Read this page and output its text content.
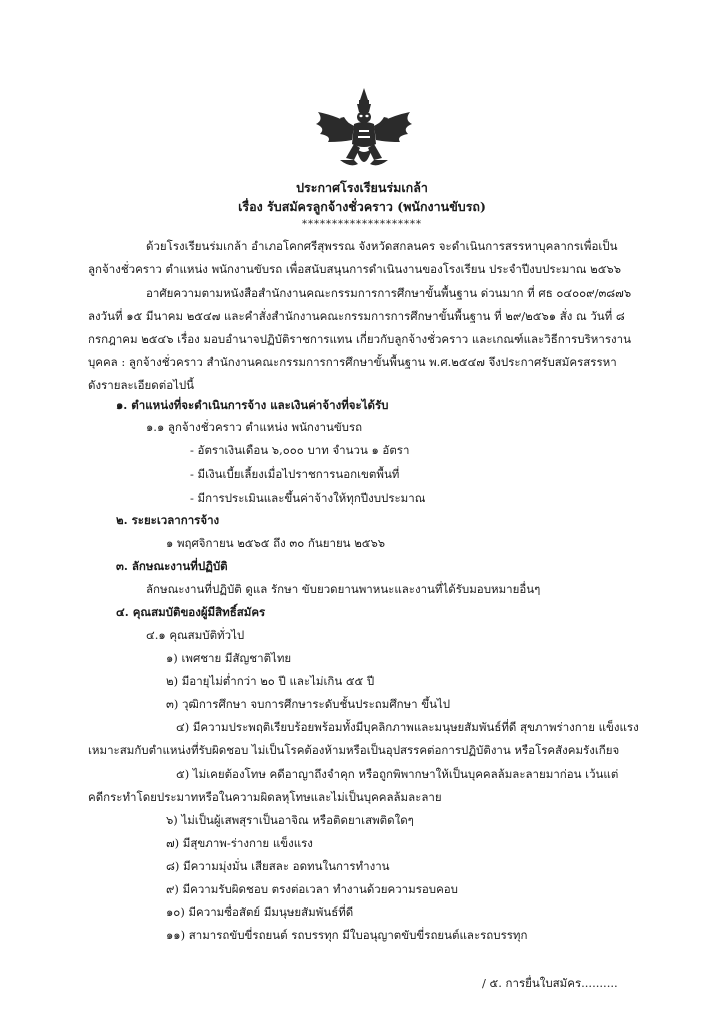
ประกาศโรงเรียนร่มเกล้า
เรื่อง รับสมัครลูกจ้างชั่วคราว (พนักงานขับรถ)
********************
ด้วยโรงเรียนร่มเกล้า อำเภอโคกศรีสุพรรณ จังหวัดสกลนคร จะดำเนินการสรรหาบุคลากรเพื่อเป็น
ลูกจ้างชั่วคราว ตำแหน่ง พนักงานขับรถ เพื่อสนับสนุนการดำเนินงานของโรงเรียน ประจำปีงบประมาณ ๒๕๖๖
อาศัยความตามหนังสือสำนักงานคณะกรรมการการศึกษาขั้นพื้นฐาน ด่วนมาก ที่ ศธ ๐๔๐๐๙/๓๘๗๖
ลงวันที่ ๑๕ มีนาคม ๒๕๔๗ และคำสั่งสำนักงานคณะกรรมการการศึกษาขั้นพื้นฐาน ที่ ๒๙/๒๕๖๑ สั่ง ณ วันที่ ๘
กรกฎาคม ๒๕๔๖ เรื่อง มอบอำนาจปฏิบัติราชการแทน เกี่ยวกับลูกจ้างชั่วคราว และเกณฑ์และวิธีการบริหารงาน
บุคคล : ลูกจ้างชั่วคราว สำนักงานคณะกรรมการการศึกษาขั้นพื้นฐาน พ.ศ.๒๕๔๗ จึงประกาศรับสมัครสรรหา
ดังรายละเอียดต่อไปนี้
๑. ตำแหน่งที่จะดำเนินการจ้าง และเงินค่าจ้างที่จะได้รับ
๑.๑ ลูกจ้างชั่วคราว ตำแหน่ง พนักงานขับรถ
- อัตราเงินเดือน ๖,๐๐๐ บาท จำนวน ๑ อัตรา
- มีเงินเบี้ยเลี้ยงเมื่อไปราชการนอกเขตพื้นที่
- มีการประเมินและขึ้นค่าจ้างให้ทุกปีงบประมาณ
๒. ระยะเวลาการจ้าง
๑ พฤศจิกายน ๒๕๖๕ ถึง ๓๐ กันยายน ๒๕๖๖
๓. ลักษณะงานที่ปฏิบัติ
ลักษณะงานที่ปฏิบัติ ดูแล รักษา ขับยวดยานพาหนะและงานที่ได้รับมอบหมายอื่นๆ
๔. คุณสมบัติของผู้มีสิทธิ์สมัคร
๔.๑ คุณสมบัติทั่วไป
๑) เพศชาย มีสัญชาติไทย
๒) มีอายุไม่ต่ำกว่า ๒๐ ปี และไม่เกิน ๕๕ ปี
๓) วุฒิการศึกษา จบการศึกษาระดับชั้นประถมศึกษา ขึ้นไป
๔) มีความประพฤติเรียบร้อยพร้อมทั้งมีบุคลิกภาพและมนุษยสัมพันธ์ที่ดี สุขภาพร่างกาย แข็งแรง
เหมาะสมกับตำแหน่งที่รับผิดชอบ ไม่เป็นโรคต้องห้ามหรือเป็นอุปสรรคต่อการปฏิบัติงาน หรือโรคสังคมรังเกียจ
๕) ไม่เคยต้องโทษ คดีอาญาถึงจำคุก หรือถูกพิพากษาให้เป็นบุคคลล้มละลายมาก่อน เว้นแต่
คดีกระทำโดยประมาทหรือในความผิดลหุโทษและไม่เป็นบุคคลล้มละลาย
๖) ไม่เป็นผู้เสพสุราเป็นอาจิณ หรือติดยาเสพติดใดๆ
๗) มีสุขภาพ-ร่างกาย แข็งแรง
๘) มีความมุ่งมั่น เสียสละ อดทนในการทำงาน
๙) มีความรับผิดชอบ ตรงต่อเวลา ทำงานด้วยความรอบคอบ
๑๐) มีความซื่อสัตย์ มีมนุษยสัมพันธ์ที่ดี
๑๑) สามารถขับขี่รถยนต์ รถบรรทุก มีใบอนุญาตขับขี่รถยนต์และรถบรรทุก
/ ๕. การยื่นใบสมัคร..........
